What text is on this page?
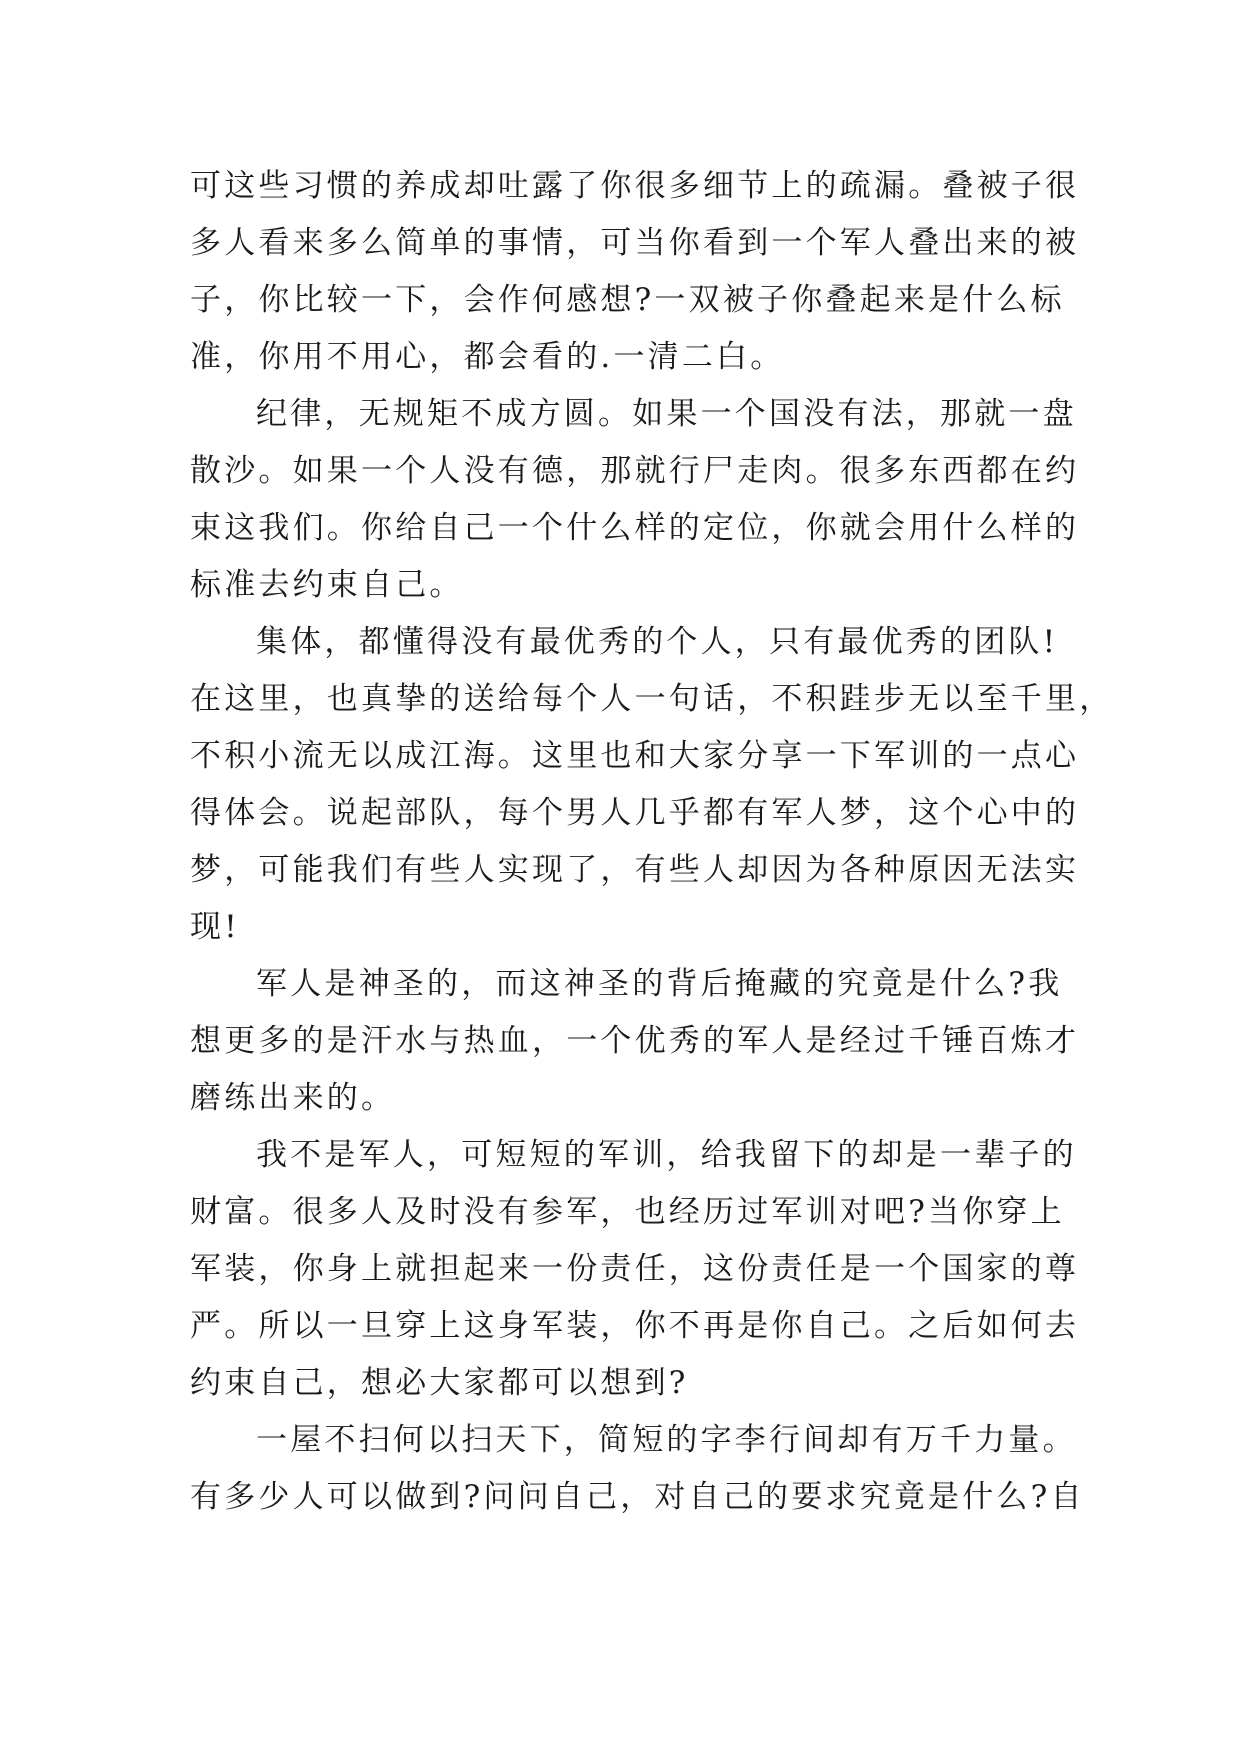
可这些习惯的养成却吐露了你很多细节上的疏漏。叠被子很
多人看来多么简单的事情，可当你看到一个军人叠出来的被
子，你比较一下，会作何感想?一双被子你叠起来是什么标
准，你用不用心，都会看的.一清二白。
纪律，无规矩不成方圆。如果一个国没有法，那就一盘
散沙。如果一个人没有德，那就行尸走肉。很多东西都在约
束这我们。你给自己一个什么样的定位，你就会用什么样的
标准去约束自己。
集体，都懂得没有最优秀的个人，只有最优秀的团队!
在这里，也真挚的送给每个人一句话，不积跬步无以至千里，
不积小流无以成江海。这里也和大家分享一下军训的一点心
得体会。说起部队，每个男人几乎都有军人梦，这个心中的
梦，可能我们有些人实现了，有些人却因为各种原因无法实
现!
军人是神圣的，而这神圣的背后掩藏的究竟是什么?我
想更多的是汗水与热血，一个优秀的军人是经过千锤百炼才
磨练出来的。
我不是军人，可短短的军训，给我留下的却是一辈子的
财富。很多人及时没有参军，也经历过军训对吧?当你穿上
军装，你身上就担起来一份责任，这份责任是一个国家的尊
严。所以一旦穿上这身军装，你不再是你自己。之后如何去
约束自己，想必大家都可以想到?
一屋不扫何以扫天下，简短的字李行间却有万千力量。
有多少人可以做到?问问自己，对自己的要求究竟是什么?自
